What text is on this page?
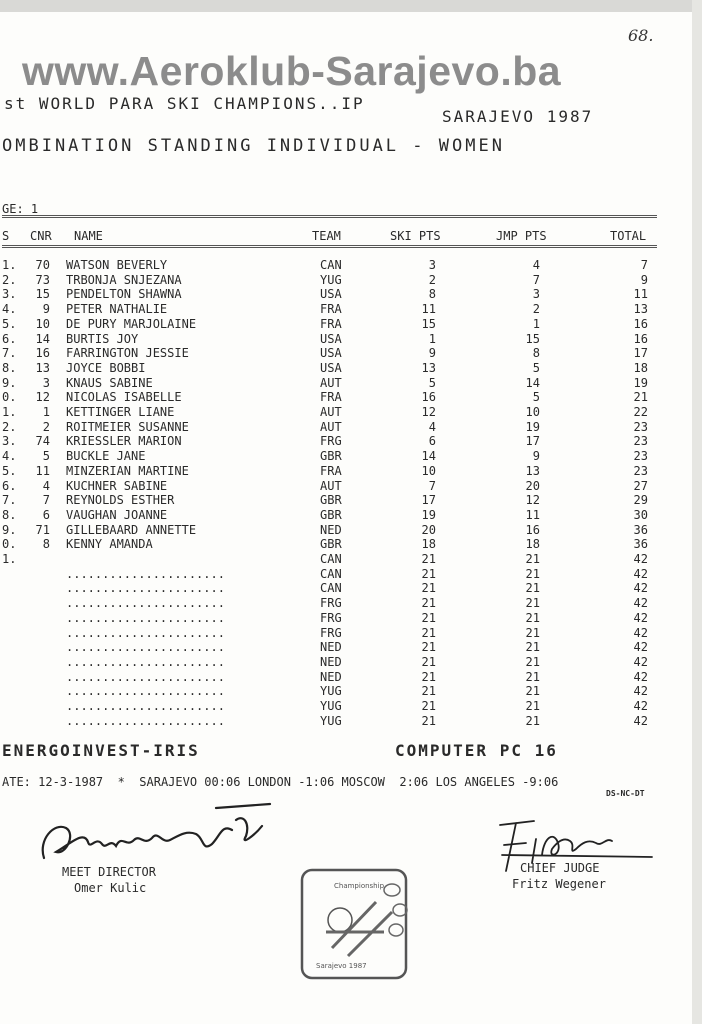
68.
www.Aeroklub-Sarajevo.ba
st WORLD PARA SKI CHAMPIONS..IP
SARAJEVO 1987
OMBINATION STANDING INDIVIDUAL - WOMEN
GE: 1
S CNR NAME	TEAM	SKI PTS	JMP PTS	TOTAL
1.	70 WATSON BEVERLY	CAN	3	4	7
2.	73 TRBONJA SNJEZANA	YUG	2	7	9
3.	15 PENDELTON SHAWNA	USA	8	3	11
4.	9 PETER NATHALIE	FRA	11	2	13
5.	10 DE PURY MARJOLAINE	FRA	15	1	16
6.	14 BURTIS JOY	USA	1	15	16
7.	16 FARRINGTON JESSIE	USA	9	8	17
8.	13 JOYCE BOBBI	USA	13	5	18
9.	3 KNAUS SABINE	AUT	5	14	19
0.	12 NICOLAS ISABELLE	FRA	16	5	21
1.	1 KETTINGER LIANE	AUT	12	10	22
2.	2 ROITMEIER SUSANNE	AUT	4	19	23
3.	74 KRIESSLER MARION	FRG	6	17	23
4.	5 BUCKLE JANE	GBR	14	9	23
5.	11 MINZERIAN MARTINE	FRA	10	13	23
6.	4 KUCHNER SABINE	AUT	7	20	27
7.	7 REYNOLDS ESTHER	GBR	17	12	29
8.	6 VAUGHAN JOANNE	GBR	19	11	30
9.	71 GILLEBAARD ANNETTE	NED	20	16	36
0.	8 KENNY AMANDA	GBR	18	18	36
1.	CAN	21	21	42
......................	CAN	21	21	42
......................	CAN	21	21	42
......................	FRG	21	21	42
......................	FRG	21	21	42
......................	FRG	21	21	42
......................	NED	21	21	42
......................	NED	21	21	42
......................	NED	21	21	42
......................	YUG	21	21	42
......................	YUG	21	21	42
......................	YUG	21	21	42
ENERGOINVEST-IRIS	COMPUTER PC 16
ATE: 12-3-1987  *  SARAJEVO 00:06 LONDON -1:06 MOSCOW  2:06 LOS ANGELES -9:06
DS-NC-DT
MEET DIRECTOR
Omer Kulic
CHIEF JUDGE
Fritz Wegener
Championship
Sarajevo 1987
